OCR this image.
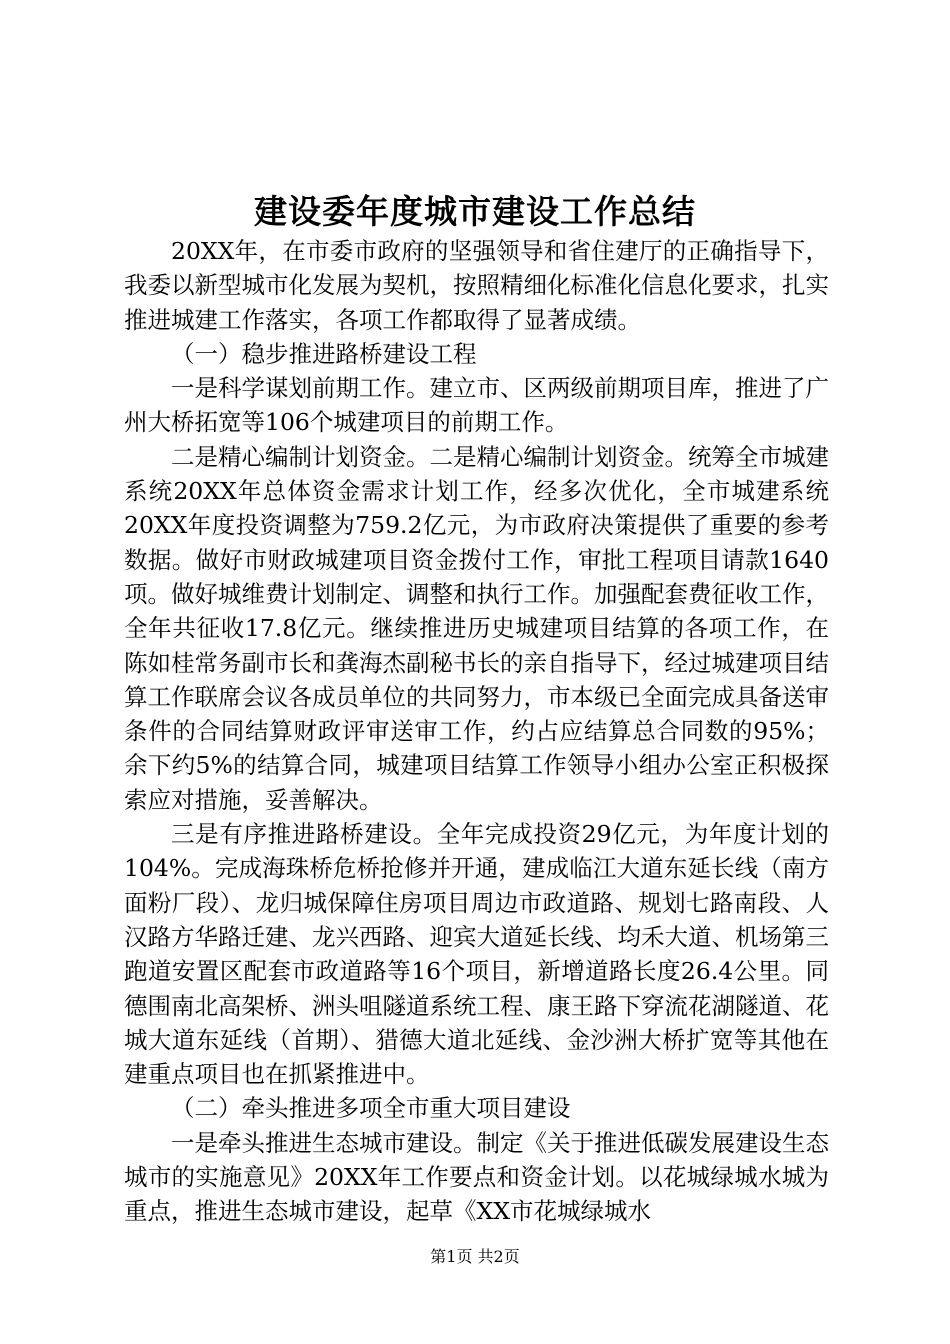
建设委年度城市建设工作总结

20XX年，在市委市政府的坚强领导和省住建厅的正确指导下，我委以新型城市化发展为契机，按照精细化标准化信息化要求，扎实推进城建工作落实，各项工作都取得了显著成绩。

（一）稳步推进路桥建设工程

一是科学谋划前期工作。建立市、区两级前期项目库，推进了广州大桥拓宽等106个城建项目的前期工作。

二是精心编制计划资金。二是精心编制计划资金。统筹全市城建系统20XX年总体资金需求计划工作，经多次优化，全市城建系统20XX年度投资调整为759.2亿元，为市政府决策提供了重要的参考数据。做好市财政城建项目资金拨付工作，审批工程项目请款1640项。做好城维费计划制定、调整和执行工作。加强配套费征收工作，全年共征收17.8亿元。继续推进历史城建项目结算的各项工作，在陈如桂常务副市长和龚海杰副秘书长的亲自指导下，经过城建项目结算工作联席会议各成员单位的共同努力，市本级已全面完成具备送审条件的合同结算财政评审送审工作，约占应结算总合同数的95%；余下约5%的结算合同，城建项目结算工作领导小组办公室正积极探索应对措施，妥善解决。

三是有序推进路桥建设。全年完成投资29亿元，为年度计划的104%。完成海珠桥危桥抢修并开通，建成临江大道东延长线（南方面粉厂段）、龙归城保障住房项目周边市政道路、规划七路南段、人汉路方华路迁建、龙兴西路、迎宾大道延长线、均禾大道、机场第三跑道安置区配套市政道路等16个项目，新增道路长度26.4公里。同德围南北高架桥、洲头咀隧道系统工程、康王路下穿流花湖隧道、花城大道东延线（首期）、猎德大道北延线、金沙洲大桥扩宽等其他在建重点项目也在抓紧推进中。

（二）牵头推进多项全市重大项目建设

一是牵头推进生态城市建设。制定《关于推进低碳发展建设生态城市的实施意见》20XX年工作要点和资金计划。以花城绿城水城为重点，推进生态城市建设，起草《XX市花城绿城水

第1页 共2页
